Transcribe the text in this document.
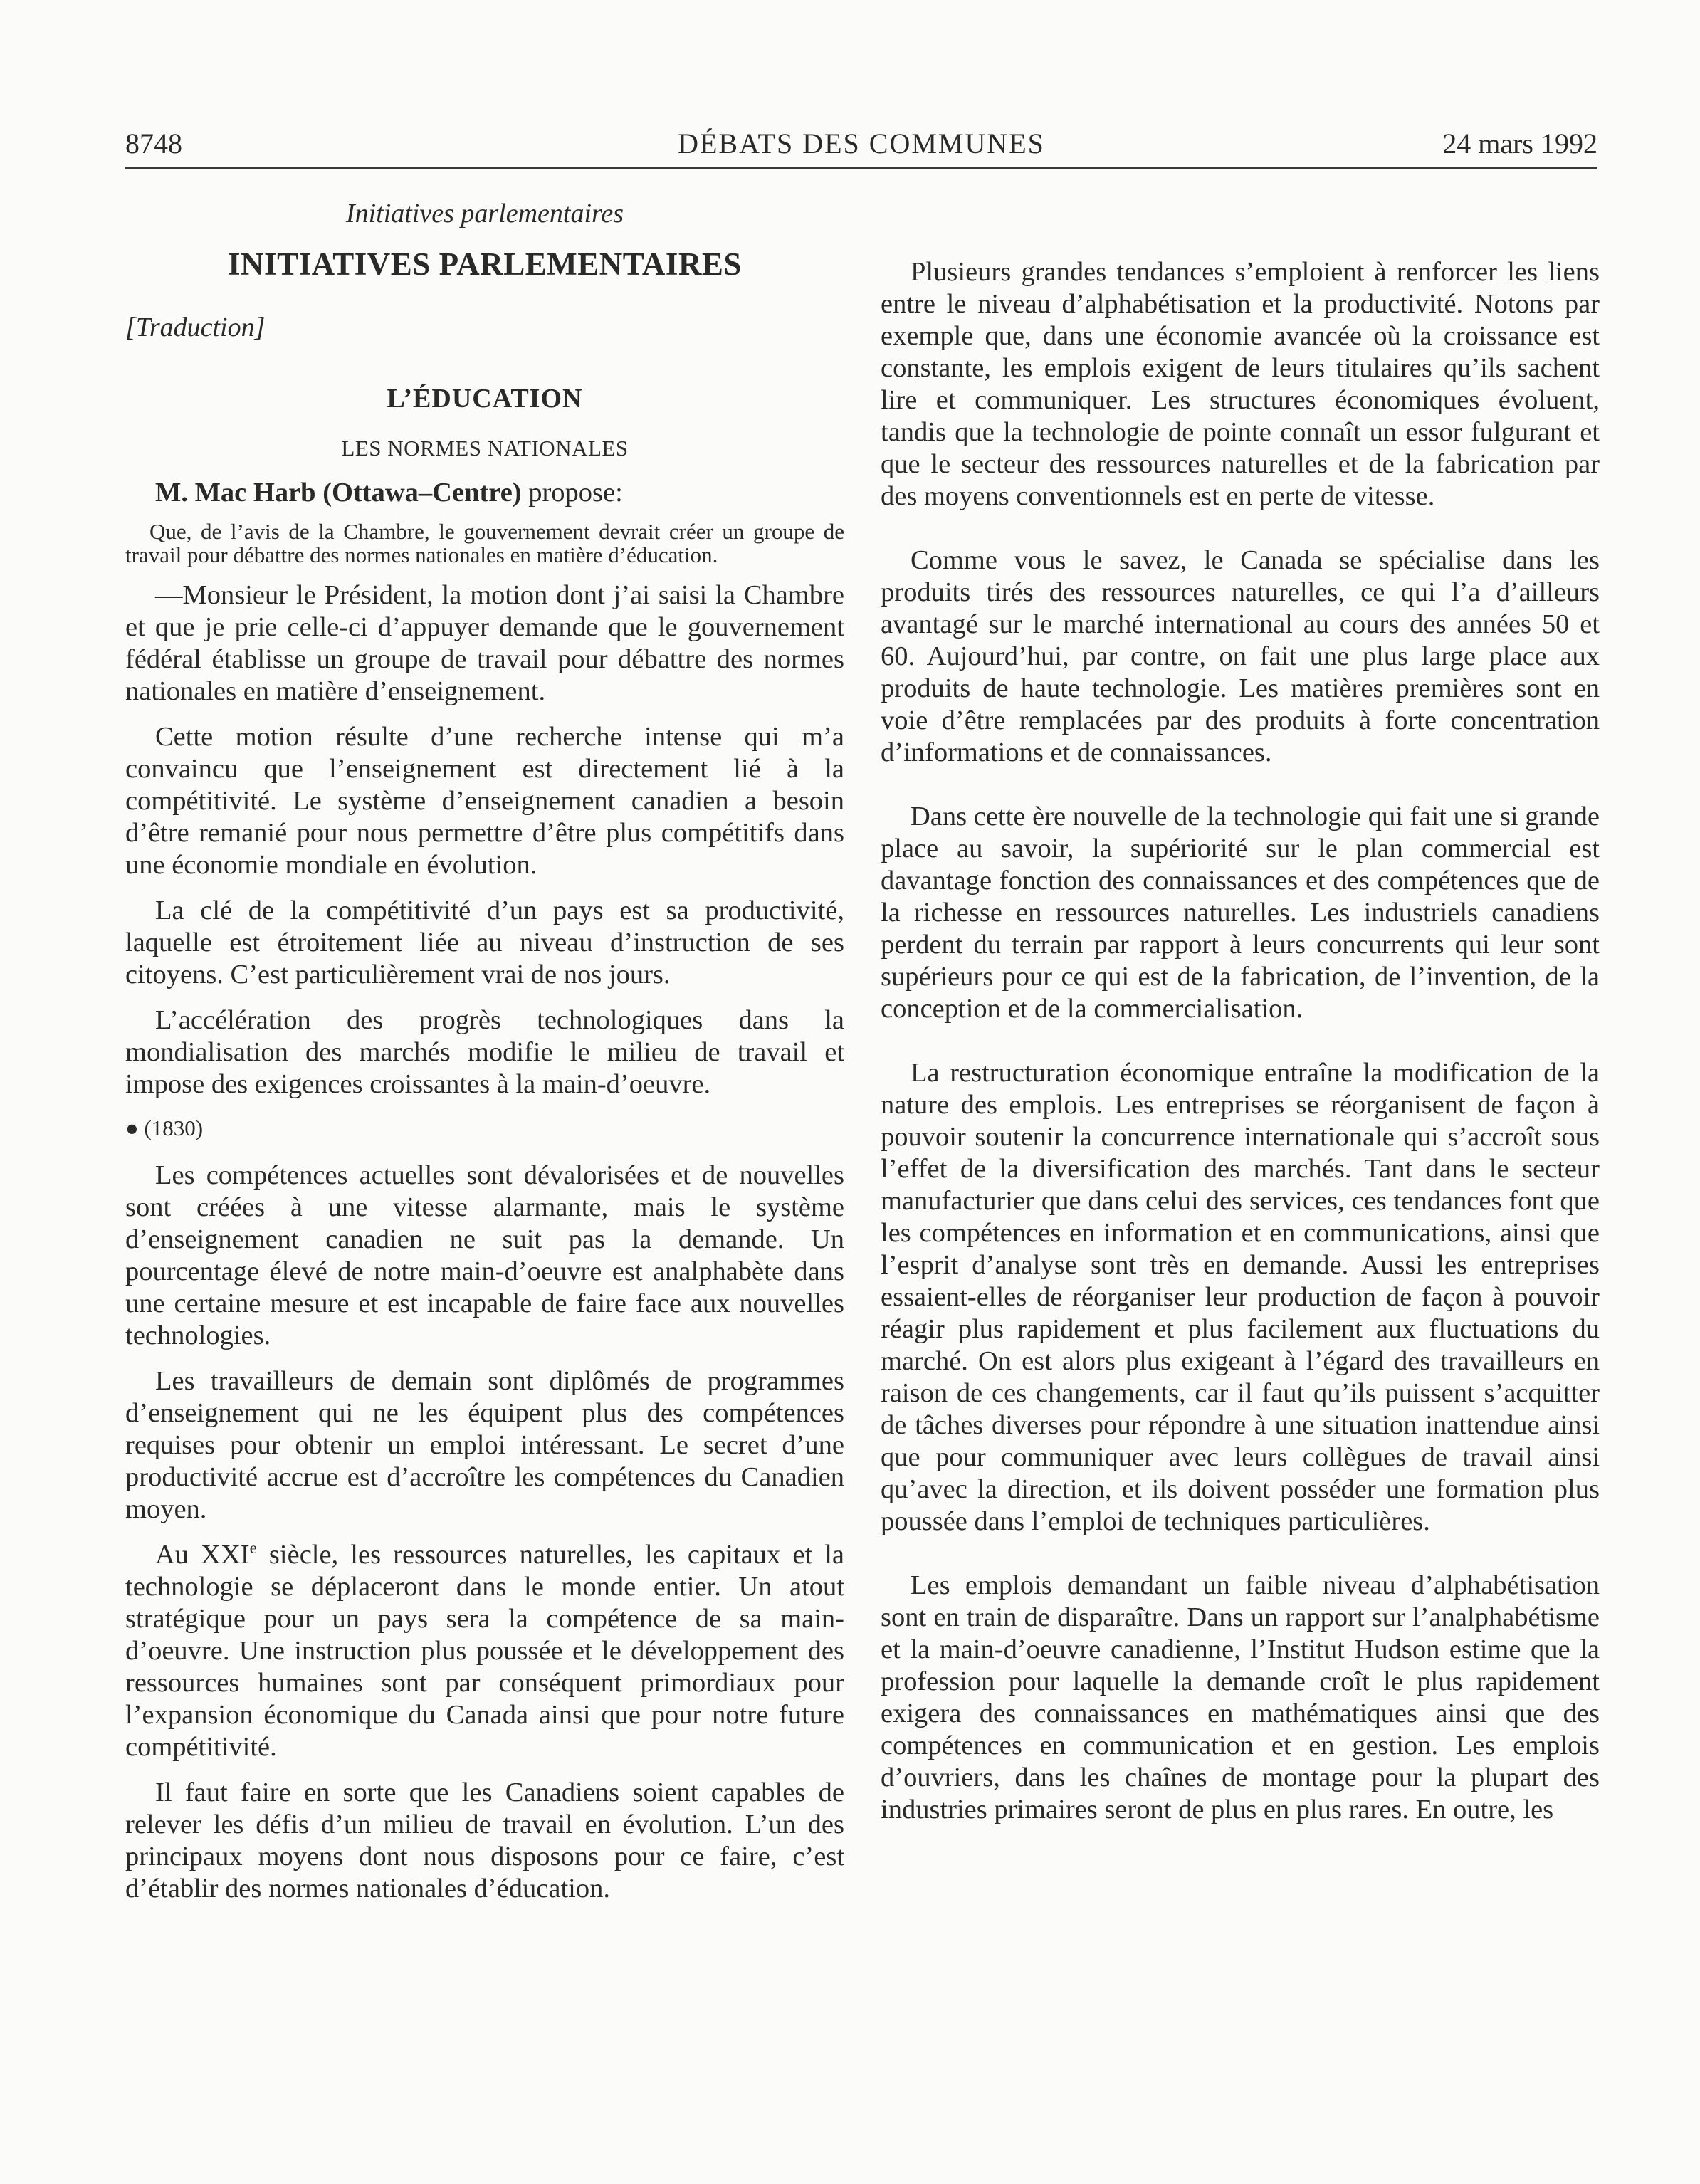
8748	DÉBATS DES COMMUNES	24 mars 1992
Initiatives parlementaires
INITIATIVES PARLEMENTAIRES
[Traduction]
L’ÉDUCATION
LES NORMES NATIONALES

M. Mac Harb (Ottawa–Centre) propose:

Que, de l’avis de la Chambre, le gouvernement devrait créer un groupe de travail pour débattre des normes nationales en matière d’éducation.

—Monsieur le Président, la motion dont j’ai saisi la Chambre et que je prie celle-ci d’appuyer demande que le gouvernement fédéral établisse un groupe de travail pour débattre des normes nationales en matière d’enseignement.

Cette motion résulte d’une recherche intense qui m’a convaincu que l’enseignement est directement lié à la compétitivité. Le système d’enseignement canadien a besoin d’être remanié pour nous permettre d’être plus compétitifs dans une économie mondiale en évolution.

La clé de la compétitivité d’un pays est sa productivité, laquelle est étroitement liée au niveau d’instruction de ses citoyens. C’est particulièrement vrai de nos jours.

L’accélération des progrès technologiques dans la mondialisation des marchés modifie le milieu de travail et impose des exigences croissantes à la main-d’oeuvre.

● (1830)

Les compétences actuelles sont dévalorisées et de nouvelles sont créées à une vitesse alarmante, mais le système d’enseignement canadien ne suit pas la demande. Un pourcentage élevé de notre main-d’oeuvre est analphabète dans une certaine mesure et est incapable de faire face aux nouvelles technologies.

Les travailleurs de demain sont diplômés de programmes d’enseignement qui ne les équipent plus des compétences requises pour obtenir un emploi intéressant. Le secret d’une productivité accrue est d’accroître les compétences du Canadien moyen.

Au XXIe siècle, les ressources naturelles, les capitaux et la technologie se déplaceront dans le monde entier. Un atout stratégique pour un pays sera la compétence de sa main-d’oeuvre. Une instruction plus poussée et le développement des ressources humaines sont par conséquent primordiaux pour l’expansion économique du Canada ainsi que pour notre future compétitivité.

Il faut faire en sorte que les Canadiens soient capables de relever les défis d’un milieu de travail en évolution. L’un des principaux moyens dont nous disposons pour ce faire, c’est d’établir des normes nationales d’éducation.

Plusieurs grandes tendances s’emploient à renforcer les liens entre le niveau d’alphabétisation et la productivité. Notons par exemple que, dans une économie avancée où la croissance est constante, les emplois exigent de leurs titulaires qu’ils sachent lire et communiquer. Les structures économiques évoluent, tandis que la technologie de pointe connaît un essor fulgurant et que le secteur des ressources naturelles et de la fabrication par des moyens conventionnels est en perte de vitesse.

Comme vous le savez, le Canada se spécialise dans les produits tirés des ressources naturelles, ce qui l’a d’ailleurs avantagé sur le marché international au cours des années 50 et 60. Aujourd’hui, par contre, on fait une plus large place aux produits de haute technologie. Les matières premières sont en voie d’être remplacées par des produits à forte concentration d’informations et de connaissances.

Dans cette ère nouvelle de la technologie qui fait une si grande place au savoir, la supériorité sur le plan commercial est davantage fonction des connaissances et des compétences que de la richesse en ressources naturelles. Les industriels canadiens perdent du terrain par rapport à leurs concurrents qui leur sont supérieurs pour ce qui est de la fabrication, de l’invention, de la conception et de la commercialisation.

La restructuration économique entraîne la modification de la nature des emplois. Les entreprises se réorganisent de façon à pouvoir soutenir la concurrence internationale qui s’accroît sous l’effet de la diversification des marchés. Tant dans le secteur manufacturier que dans celui des services, ces tendances font que les compétences en information et en communications, ainsi que l’esprit d’analyse sont très en demande. Aussi les entreprises essaient-elles de réorganiser leur production de façon à pouvoir réagir plus rapidement et plus facilement aux fluctuations du marché. On est alors plus exigeant à l’égard des travailleurs en raison de ces changements, car il faut qu’ils puissent s’acquitter de tâches diverses pour répondre à une situation inattendue ainsi que pour communiquer avec leurs collègues de travail ainsi qu’avec la direction, et ils doivent posséder une formation plus poussée dans l’emploi de techniques particulières.

Les emplois demandant un faible niveau d’alphabétisation sont en train de disparaître. Dans un rapport sur l’analphabétisme et la main-d’oeuvre canadienne, l’Institut Hudson estime que la profession pour laquelle la demande croît le plus rapidement exigera des connaissances en mathématiques ainsi que des compétences en communication et en gestion. Les emplois d’ouvriers, dans les chaînes de montage pour la plupart des industries primaires seront de plus en plus rares. En outre, les
